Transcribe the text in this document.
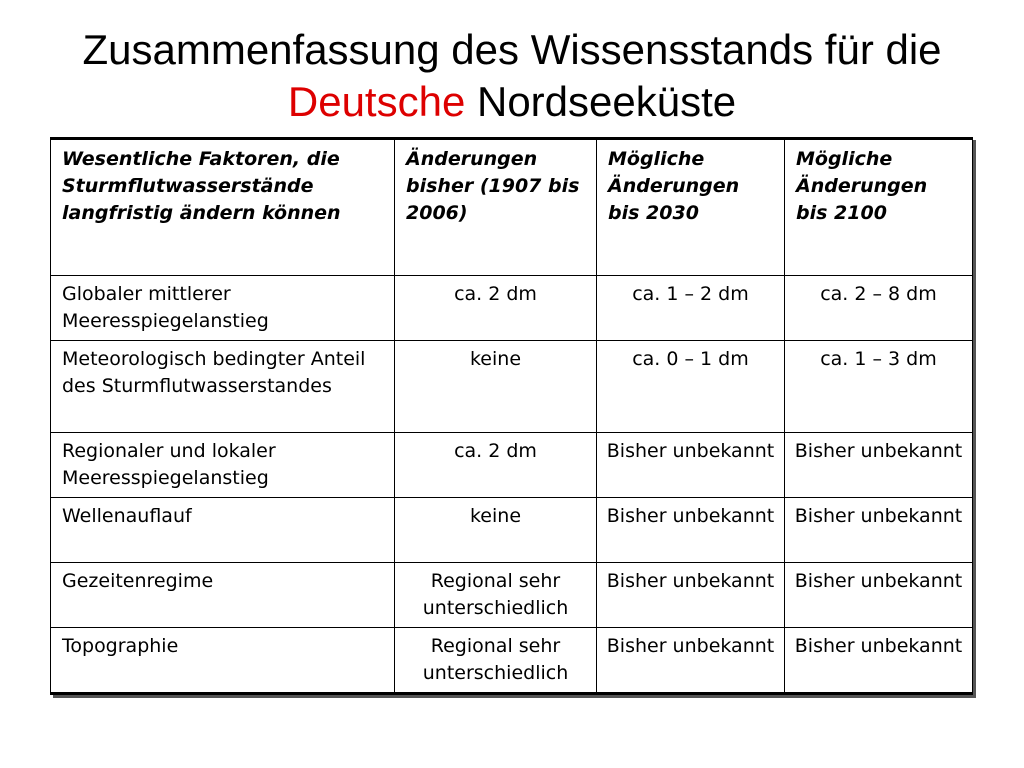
Zusammenfassung des Wissensstands für die
Deutsche Nordseeküste
Wesentliche Faktoren, die Sturmflutwasserstände langfristig ändern können	Änderungen bisher (1907 bis 2006)	Mögliche Änderungen bis 2030	Mögliche Änderungen bis 2100
Globaler mittlerer Meeresspiegelanstieg	ca. 2 dm	ca. 1 – 2 dm	ca. 2 – 8 dm
Meteorologisch bedingter Anteil des Sturmflutwasserstandes	keine	ca. 0 – 1 dm	ca. 1 – 3 dm
Regionaler und lokaler Meeresspiegelanstieg	ca. 2 dm	Bisher unbekannt	Bisher unbekannt
Wellenauflauf	keine	Bisher unbekannt	Bisher unbekannt
Gezeitenregime	Regional sehr unterschiedlich	Bisher unbekannt	Bisher unbekannt
Topographie	Regional sehr unterschiedlich	Bisher unbekannt	Bisher unbekannt
